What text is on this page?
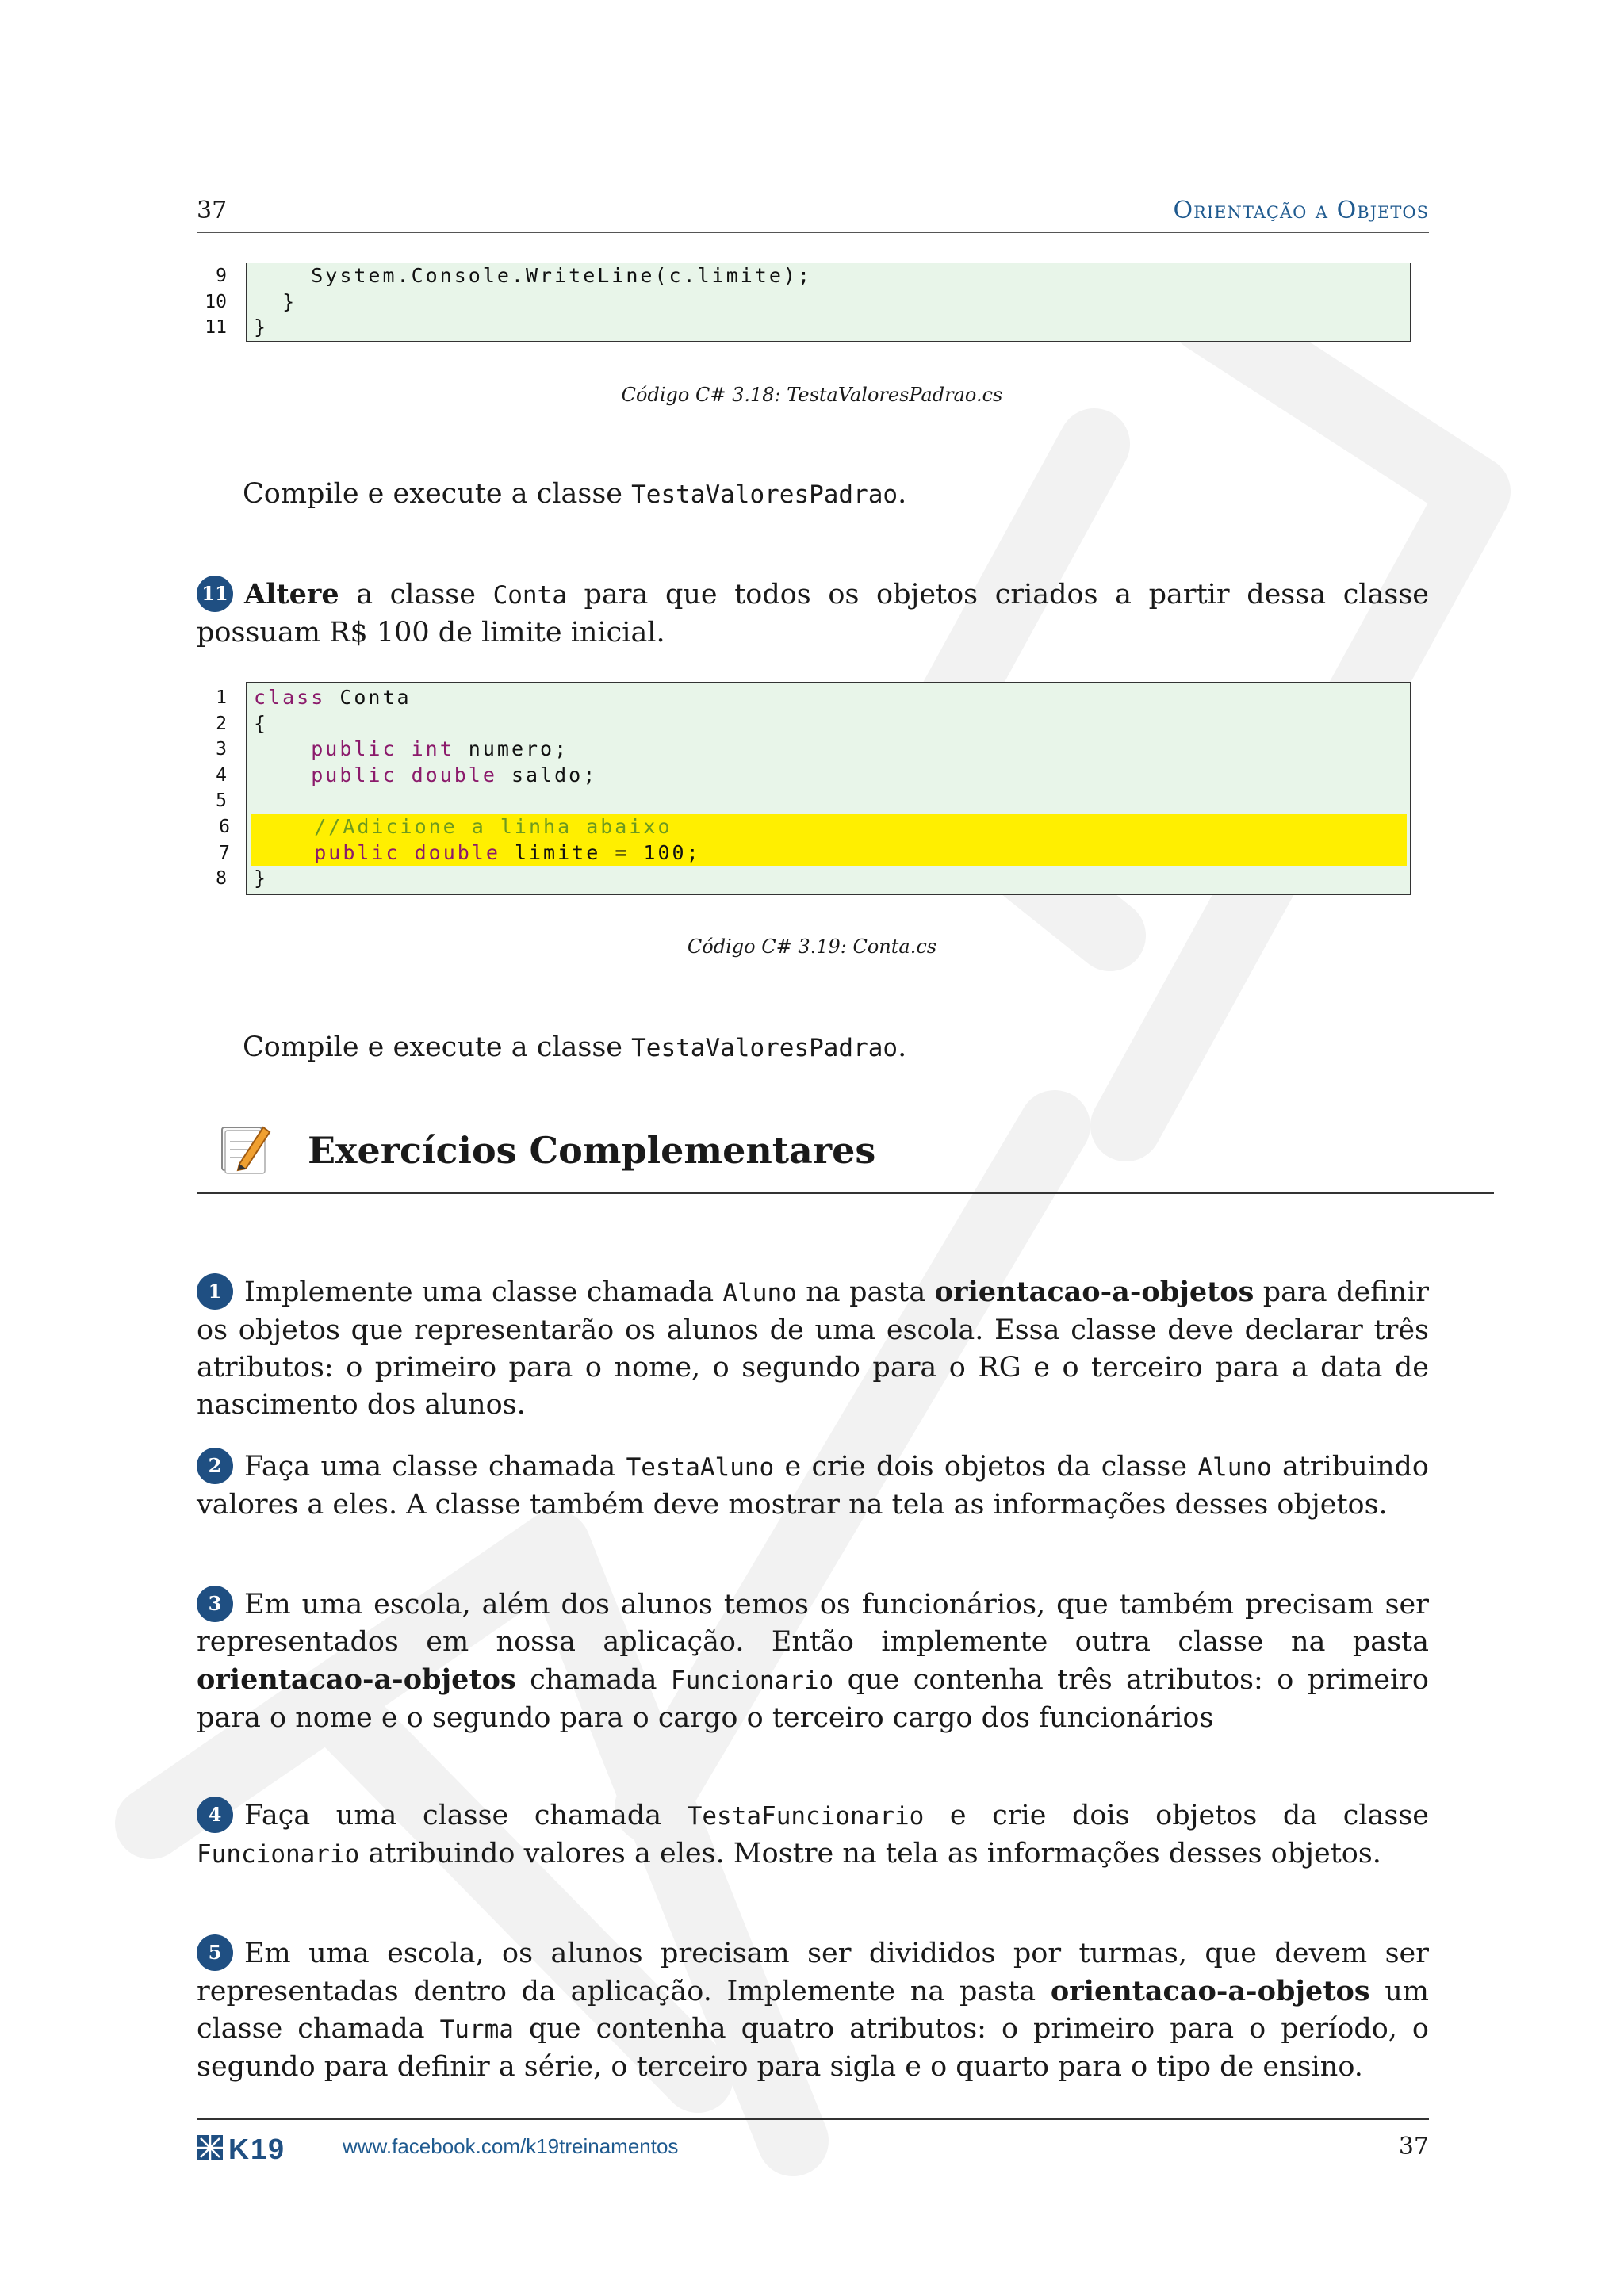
37	Orientação a Objetos
9	System.Console.WriteLine(c.limite);
10	}
11 }
Código C# 3.18: TestaValoresPadrao.cs
Compile e execute a classe TestaValoresPadrao.
11 Altere a classe Conta para que todos os objetos criados a partir dessa classe possuam R$ 100 de limite inicial.
1 class Conta
2 {
3	public int numero;
4	public double saldo;
5
6	//Adicione a linha abaixo
7	public double limite = 100;
8 }
Código C# 3.19: Conta.cs
Compile e execute a classe TestaValoresPadrao.
Exercícios Complementares
1 Implemente uma classe chamada Aluno na pasta orientacao-a-objetos para definir os objetos que representarão os alunos de uma escola. Essa classe deve declarar três atributos: o primeiro para o nome, o segundo para o RG e o terceiro para a data de nascimento dos alunos.
2 Faça uma classe chamada TestaAluno e crie dois objetos da classe Aluno atribuindo valores a eles. A classe também deve mostrar na tela as informações desses objetos.
3 Em uma escola, além dos alunos temos os funcionários, que também precisam ser representados em nossa aplicação. Então implemente outra classe na pasta orientacao-a-objetos chamada Funcionario que contenha três atributos: o primeiro para o nome e o segundo para o cargo o terceiro cargo dos funcionários
4 Faça uma classe chamada TestaFuncionario e crie dois objetos da classe Funcionario atribuindo valores a eles. Mostre na tela as informações desses objetos.
5 Em uma escola, os alunos precisam ser divididos por turmas, que devem ser representadas dentro da aplicação. Implemente na pasta orientacao-a-objetos um classe chamada Turma que contenha quatro atributos: o primeiro para o período, o segundo para definir a série, o terceiro para sigla e o quarto para o tipo de ensino.
K19	www.facebook.com/k19treinamentos	37
